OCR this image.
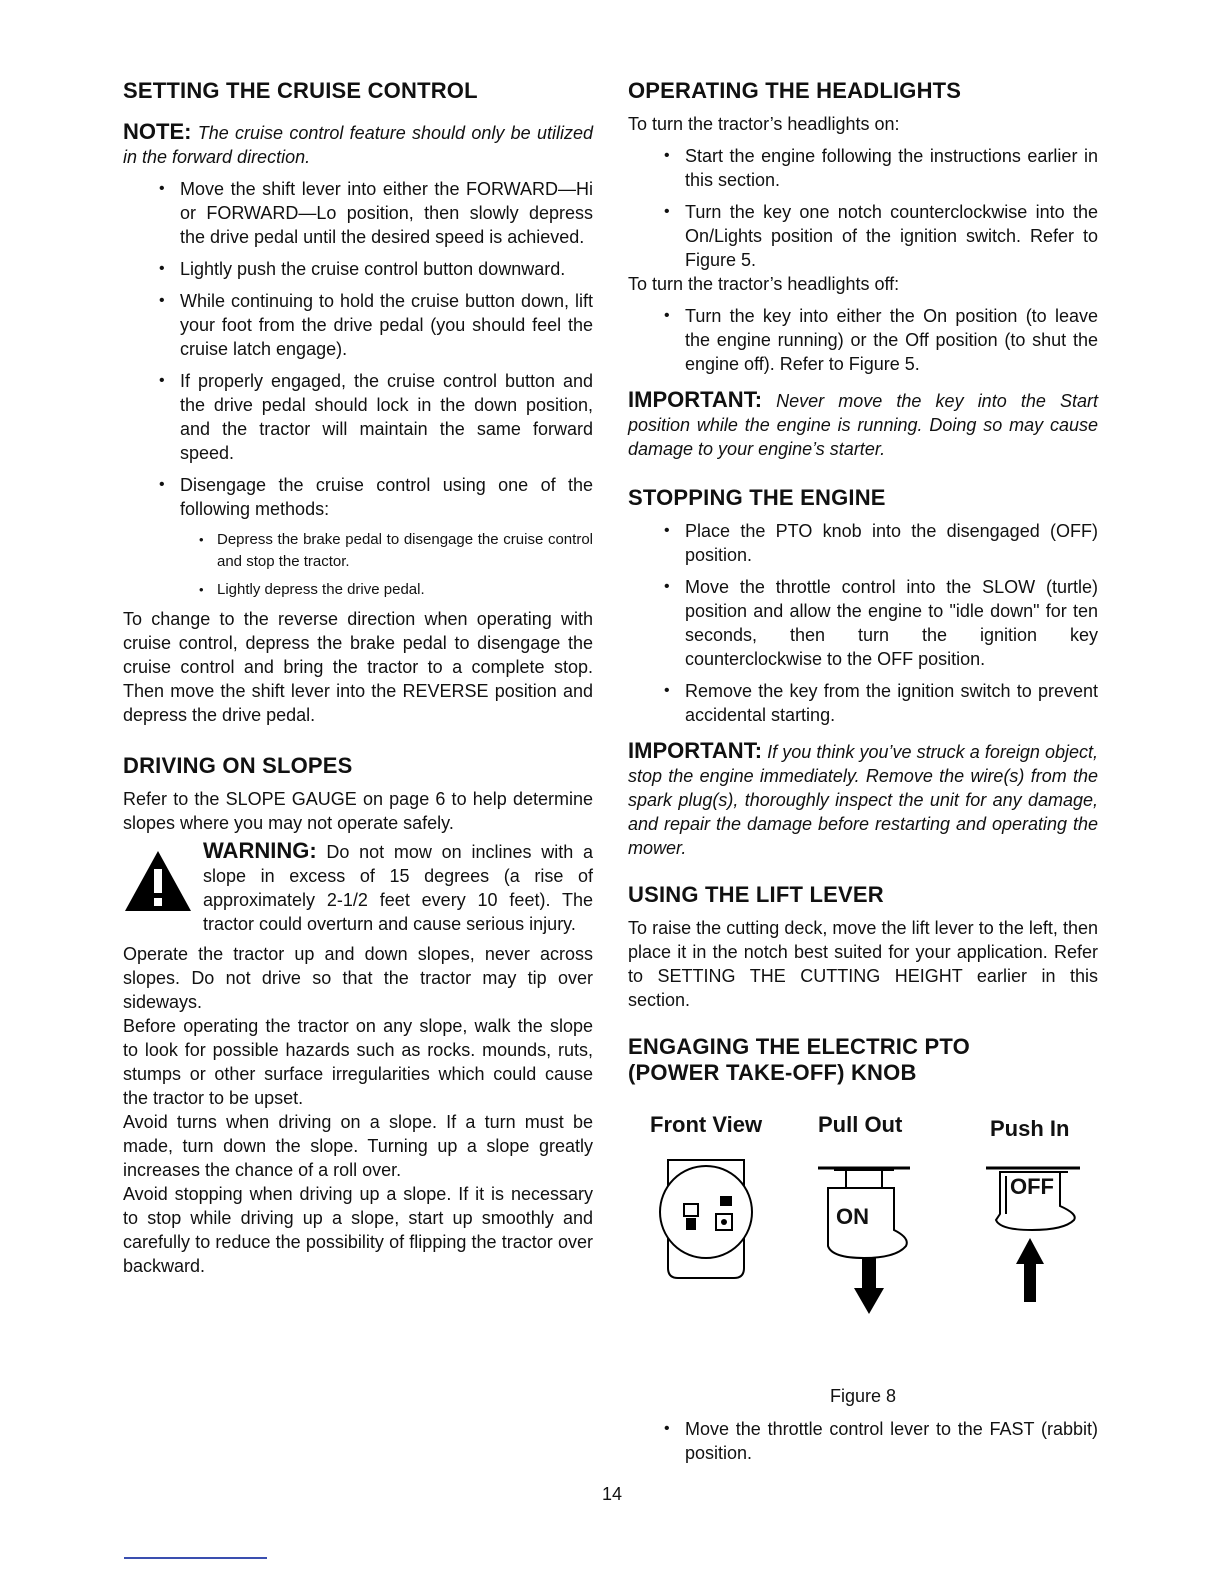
SETTING THE CRUISE CONTROL

NOTE: The cruise control feature should only be utilized in the forward direction.

• Move the shift lever into either the FORWARD—Hi or FORWARD—Lo position, then slowly depress the drive pedal until the desired speed is achieved.
• Lightly push the cruise control button downward.
• While continuing to hold the cruise button down, lift your foot from the drive pedal (you should feel the cruise latch engage).
• If properly engaged, the cruise control button and the drive pedal should lock in the down position, and the tractor will maintain the same forward speed.
• Disengage the cruise control using one of the following methods:
• Depress the brake pedal to disengage the cruise control and stop the tractor.
• Lightly depress the drive pedal.

To change to the reverse direction when operating with cruise control, depress the brake pedal to disengage the cruise control and bring the tractor to a complete stop. Then move the shift lever into the REVERSE position and depress the drive pedal.

DRIVING ON SLOPES

Refer to the SLOPE GAUGE on page 6 to help determine slopes where you may not operate safely.

WARNING: Do not mow on inclines with a slope in excess of 15 degrees (a rise of approximately 2-1/2 feet every 10 feet). The tractor could overturn and cause serious injury.

Operate the tractor up and down slopes, never across slopes. Do not drive so that the tractor may tip over sideways.

Before operating the tractor on any slope, walk the slope to look for possible hazards such as rocks. mounds, ruts, stumps or other surface irregularities which could cause the tractor to be upset.

Avoid turns when driving on a slope. If a turn must be made, turn down the slope. Turning up a slope greatly increases the chance of a roll over.

Avoid stopping when driving up a slope. If it is necessary to stop while driving up a slope, start up smoothly and carefully to reduce the possibility of flipping the tractor over backward.

OPERATING THE HEADLIGHTS

To turn the tractor’s headlights on:

• Start the engine following the instructions earlier in this section.
• Turn the key one notch counterclockwise into the On/Lights position of the ignition switch. Refer to Figure 5.

To turn the tractor’s headlights off:

• Turn the key into either the On position (to leave the engine running) or the Off position (to shut the engine off). Refer to Figure 5.

IMPORTANT: Never move the key into the Start position while the engine is running. Doing so may cause damage to your engine’s starter.

STOPPING THE ENGINE
• Place the PTO knob into the disengaged (OFF) position.
• Move the throttle control into the SLOW (turtle) position and allow the engine to "idle down" for ten seconds, then turn the ignition key counterclockwise to the OFF position.
• Remove the key from the ignition switch to prevent accidental starting.

IMPORTANT: If you think you’ve struck a foreign object, stop the engine immediately. Remove the wire(s) from the spark plug(s), thoroughly inspect the unit for any damage, and repair the damage before restarting and operating the mower.

USING THE LIFT LEVER

To raise the cutting deck, move the lift lever to the left, then place it in the notch best suited for your application. Refer to SETTING THE CUTTING HEIGHT earlier in this section.

ENGAGING THE ELECTRIC PTO
(POWER TAKE-OFF) KNOB
Front View	Pull Out	Push In
ON
OFF
Figure 8
• Move the throttle control lever to the FAST (rabbit) position.
14
